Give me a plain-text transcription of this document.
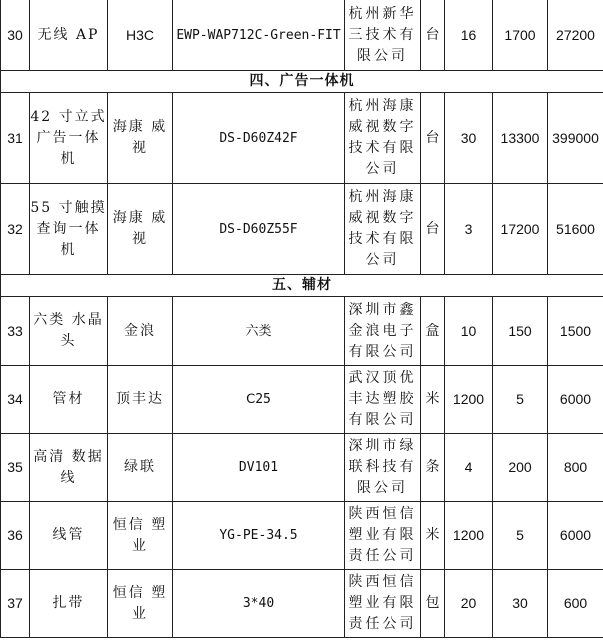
30	无线 AP	H3C	EWP-WAP712C-Green-FIT	杭州新华三技术有限公司	台	16	1700	27200
四、广告一体机								
31	42 寸立式广告一体机	海康 威视	DS-D60Z42F	杭州海康威视数字技术有限公司	台	30	13300	399000
32	55 寸触摸查询一体机	海康 威视	DS-D60Z55F	杭州海康威视数字技术有限公司	台	3	17200	51600
五、辅材								
33	六类 水晶头	金浪	六类	深圳市鑫金浪电子有限公司	盒	10	150	1500
34	管材	顶丰达	Ⅽ25	武汉顶优丰达塑胶有限公司	米	1200	5	6000
35	高清 数据线	绿联	DV101	深圳市绿联科技有限公司	条	4	200	800
36	线管	恒信 塑业	YG-PE-34.5	陕西恒信塑业有限责任公司	米	1200	5	6000
37	扎带	恒信 塑业	3*40	陕西恒信塑业有限责任公司	包	20	30	600
